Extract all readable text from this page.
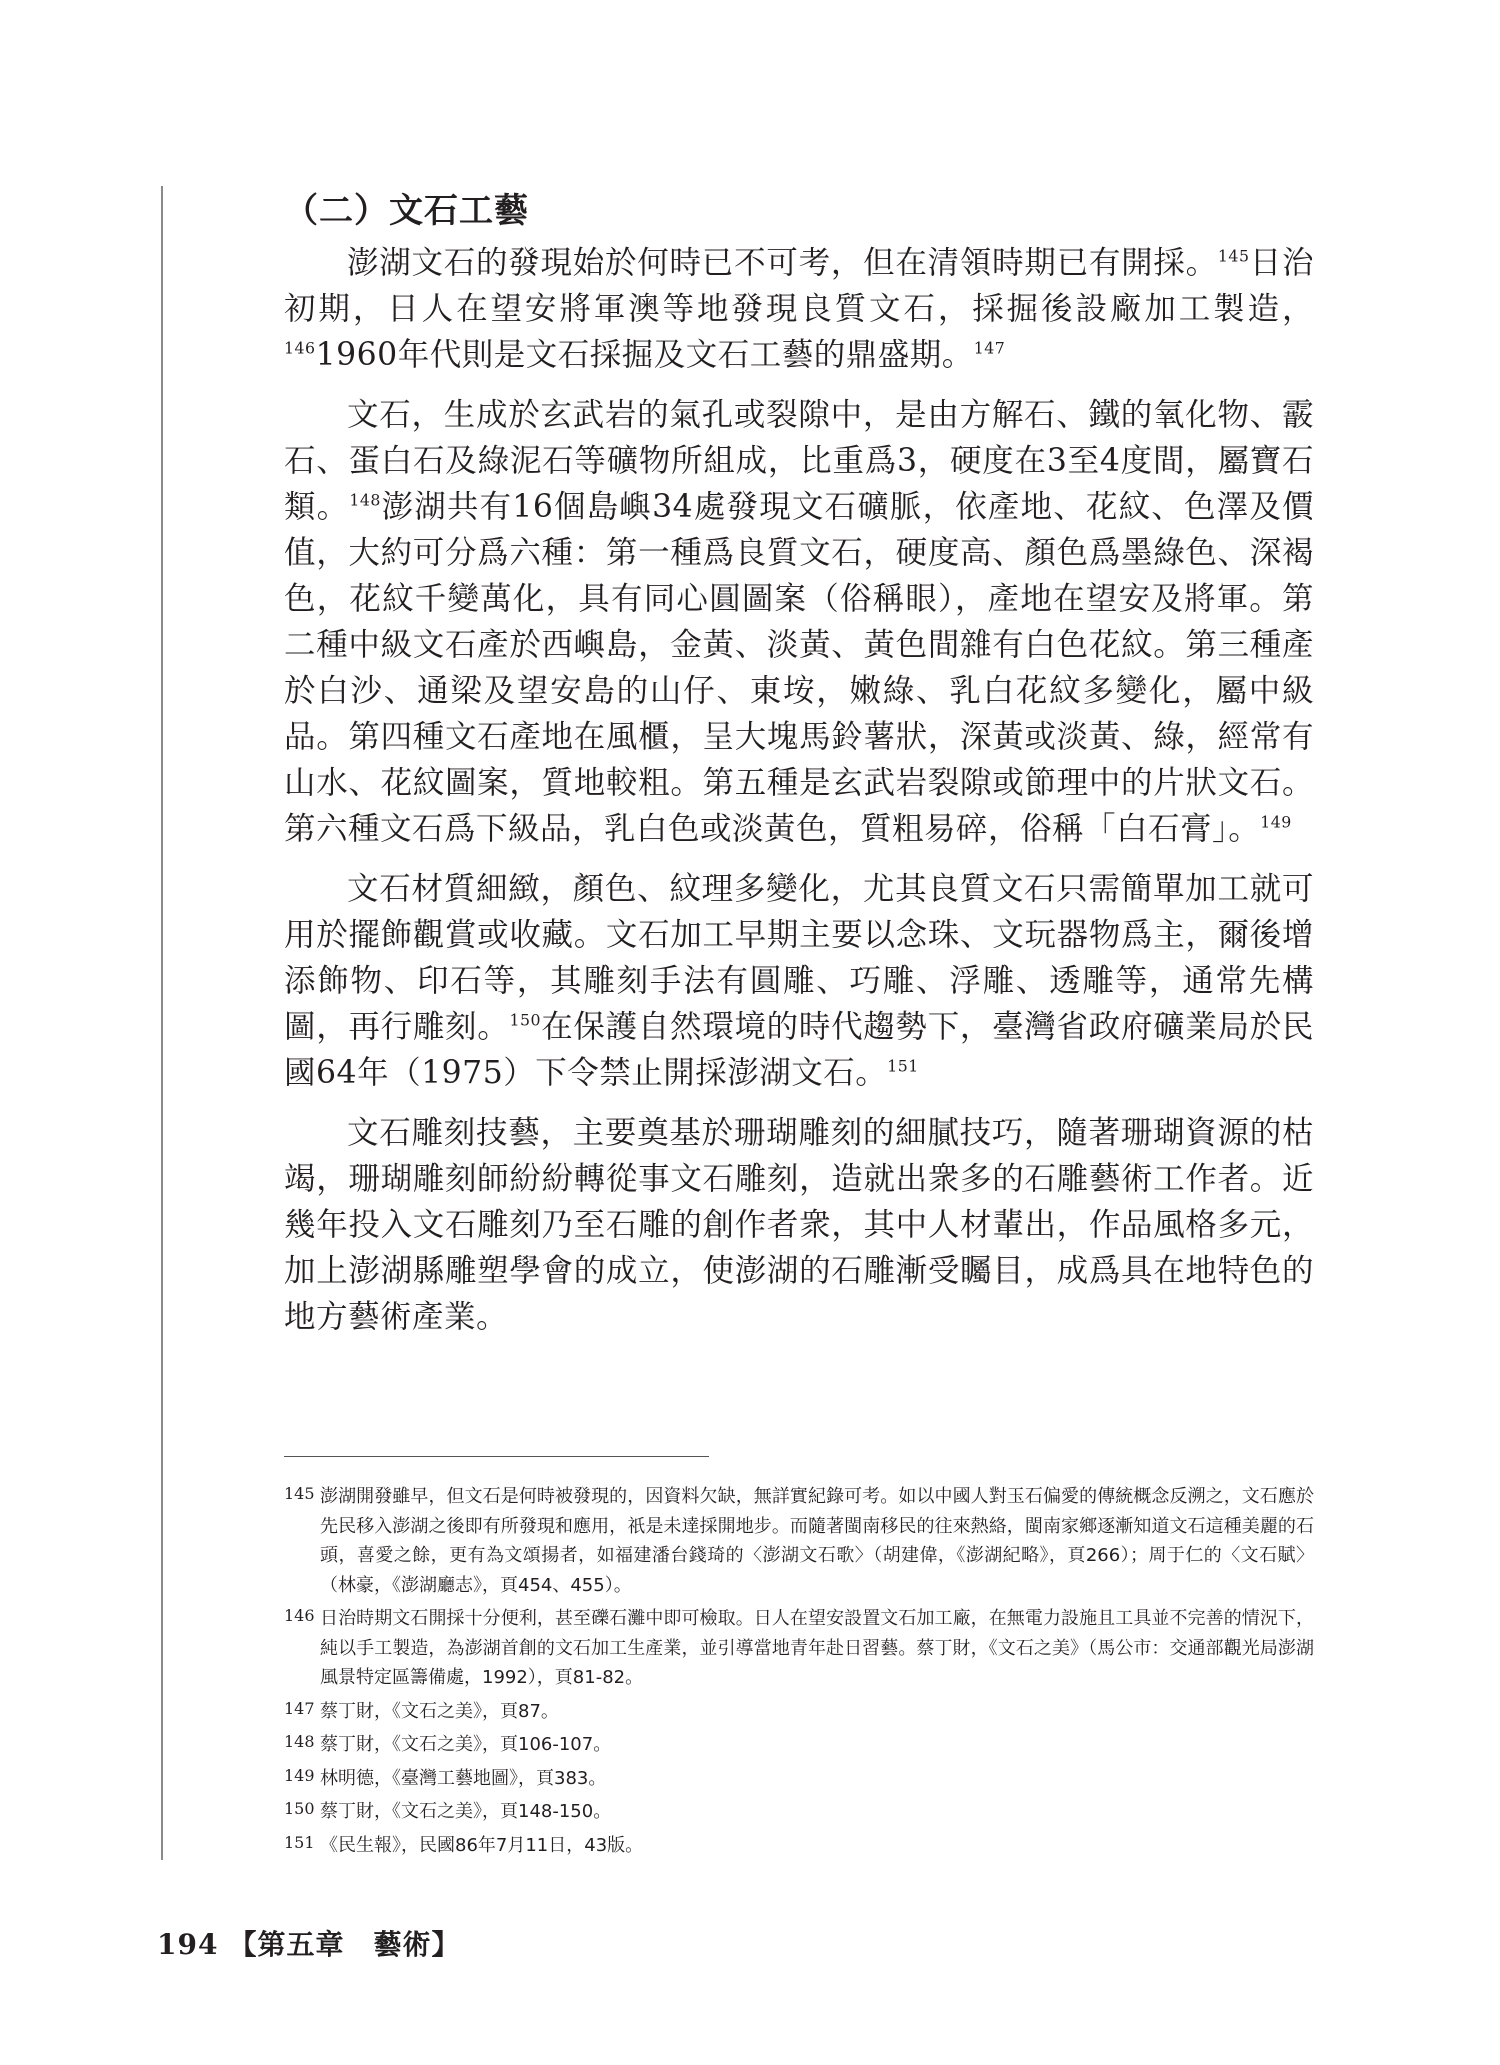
（二）文石工藝

澎湖文石的發現始於何時已不可考，但在清領時期已有開採。$^{145}$日治初期，日人在望安將軍澳等地發現良質文石，採掘後設廠加工製造，$^{146}$1960年代則是文石採掘及文石工藝的鼎盛期。$^{147}$

文石，生成於玄武岩的氣孔或裂隙中，是由方解石、鐵的氧化物、霰石、蛋白石及綠泥石等礦物所組成，比重爲3，硬度在3至4度間，屬寶石類。$^{148}$澎湖共有16個島嶼34處發現文石礦脈，依產地、花紋、色澤及價值，大約可分爲六種：第一種爲良質文石，硬度高、顏色爲墨綠色、深褐色，花紋千變萬化，具有同心圓圖案（俗稱眼），產地在望安及將軍。第二種中級文石產於西嶼島，金黃、淡黃、黃色間雜有白色花紋。第三種產於白沙、通梁及望安島的山仔、東垵，嫩綠、乳白花紋多變化，屬中級品。第四種文石產地在風櫃，呈大塊馬鈴薯狀，深黃或淡黃、綠，經常有山水、花紋圖案，質地較粗。第五種是玄武岩裂隙或節理中的片狀文石。第六種文石爲下級品，乳白色或淡黃色，質粗易碎，俗稱「白石膏」。$^{149}$

文石材質細緻，顏色、紋理多變化，尤其良質文石只需簡單加工就可用於擺飾觀賞或收藏。文石加工早期主要以念珠、文玩器物爲主，爾後增添飾物、印石等，其雕刻手法有圓雕、巧雕、浮雕、透雕等，通常先構圖，再行雕刻。$^{150}$在保護自然環境的時代趨勢下，臺灣省政府礦業局於民國64年（1975）下令禁止開採澎湖文石。$^{151}$

文石雕刻技藝，主要奠基於珊瑚雕刻的細膩技巧，隨著珊瑚資源的枯竭，珊瑚雕刻師紛紛轉從事文石雕刻，造就出衆多的石雕藝術工作者。近幾年投入文石雕刻乃至石雕的創作者衆，其中人材輩出，作品風格多元，加上澎湖縣雕塑學會的成立，使澎湖的石雕漸受矚目，成爲具在地特色的地方藝術產業。

145 澎湖開發雖早，但文石是何時被發現的，因資料欠缺，無詳實紀錄可考。如以中國人對玉石偏愛的傳統概念反溯之，文石應於先民移入澎湖之後即有所發現和應用，祇是未達採開地步。而隨著閩南移民的往來熱絡，閩南家鄉逐漸知道文石這種美麗的石頭，喜愛之餘，更有為文頌揚者，如福建潘台錢琦的〈澎湖文石歌〉（胡建偉，《澎湖紀略》，頁266）；周于仁的〈文石賦〉（林豪，《澎湖廳志》，頁454、455）。
146 日治時期文石開採十分便利，甚至礫石灘中即可檢取。日人在望安設置文石加工廠，在無電力設施且工具並不完善的情況下，純以手工製造，為澎湖首創的文石加工生產業，並引導當地青年赴日習藝。蔡丁財，《文石之美》（馬公市：交通部觀光局澎湖風景特定區籌備處，1992），頁81-82。
147 蔡丁財，《文石之美》，頁87。
148 蔡丁財，《文石之美》，頁106-107。
149 林明德，《臺灣工藝地圖》，頁383。
150 蔡丁財，《文石之美》，頁148-150。
151 《民生報》，民國86年7月11日，43版。
194 【第五章　藝術】
